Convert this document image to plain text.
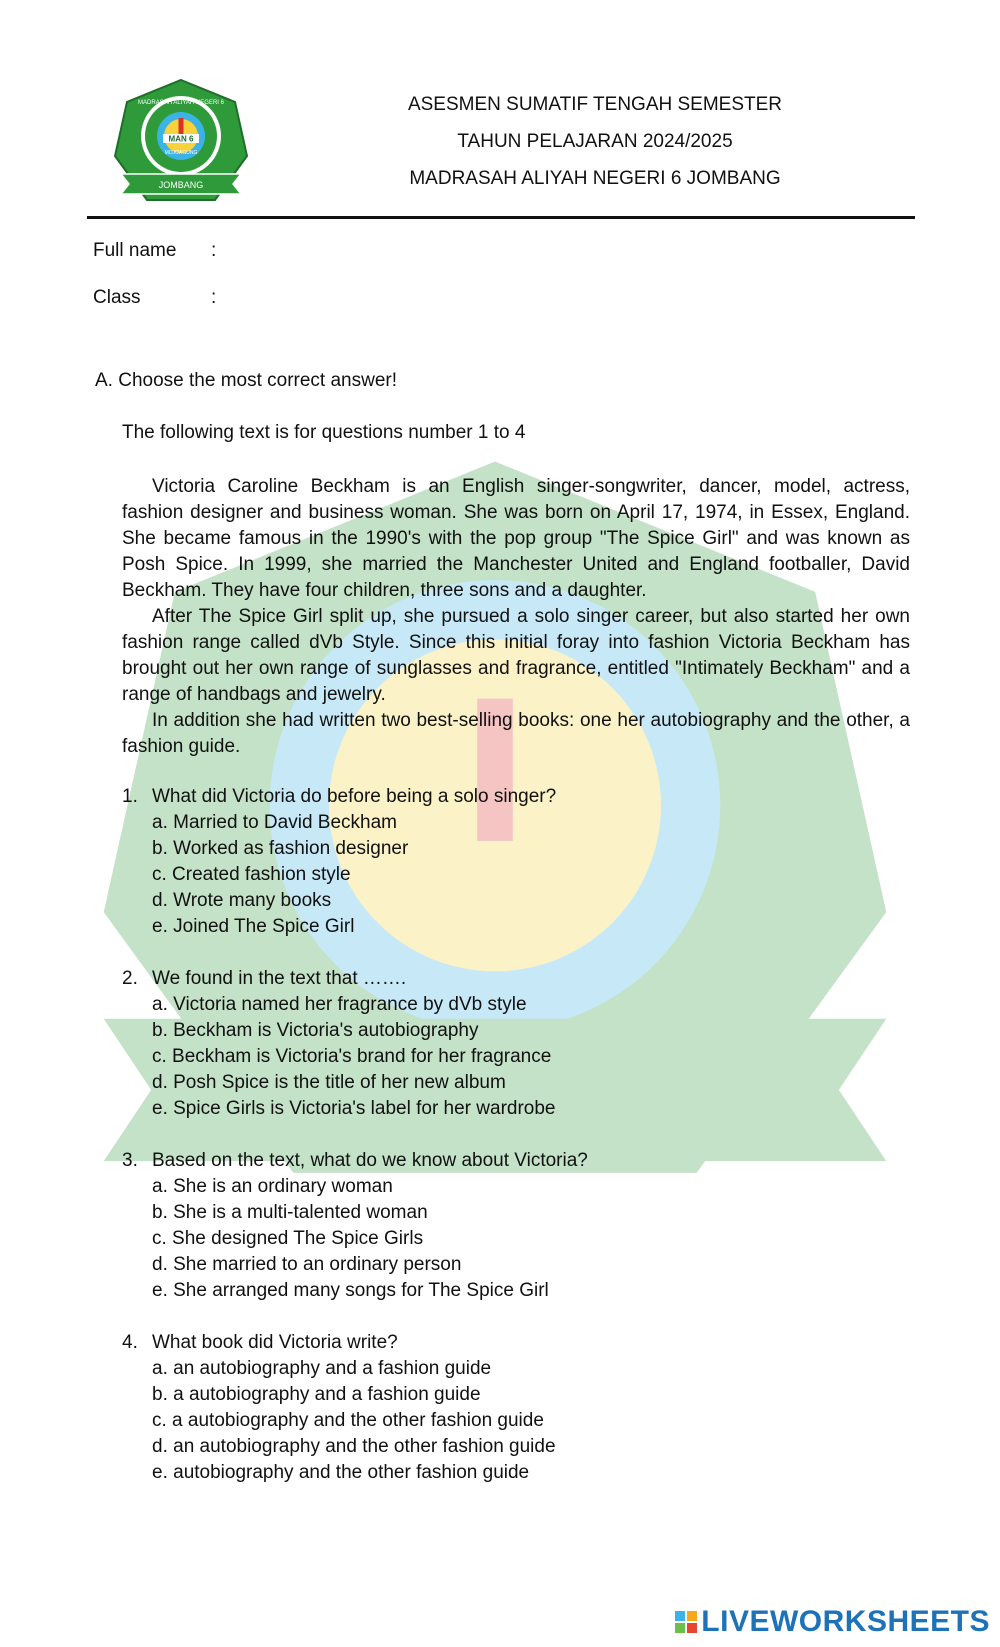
MAN 6
MOJOAGUNG
JOMBANG
MADRASAH ALIYAH NEGERI 6	ASESMEN SUMATIF TENGAH SEMESTER
TAHUN PELAJARAN 2024/2025
MADRASAH ALIYAH NEGERI 6 JOMBANG
Full name :
Class	:
A. Choose the most correct answer!
The following text is for questions number 1 to 4

Victoria Caroline Beckham is an English singer-songwriter, dancer, model, actress, fashion designer and business woman. She was born on April 17, 1974, in Essex, England. She became famous in the 1990's with the pop group "The Spice Girl" and was known as Posh Spice. In 1999, she married the Manchester United and England footballer, David Beckham. They have four children, three sons and a daughter.

After The Spice Girl split up, she pursued a solo singer career, but also started her own fashion range called dVb Style. Since this initial foray into fashion Victoria Beckham has brought out her own range of sunglasses and fragrance, entitled "Intimately Beckham" and a range of handbags and jewelry.

In addition she had written two best-selling books: one her autobiography and the other, a fashion guide.

1. What did Victoria do before being a solo singer?
a. Married to David Beckham
b. Worked as fashion designer
c. Created fashion style
d. Wrote many books
e. Joined The Spice Girl
2. We found in the text that …….
a. Victoria named her fragrance by dVb style
b. Beckham is Victoria's autobiography
c. Beckham is Victoria's brand for her fragrance
d. Posh Spice is the title of her new album
e. Spice Girls is Victoria's label for her wardrobe
3. Based on the text, what do we know about Victoria?
a. She is an ordinary woman
b. She is a multi-talented woman
c. She designed The Spice Girls
d. She married to an ordinary person
e. She arranged many songs for The Spice Girl
4. What book did Victoria write?
a. an autobiography and a fashion guide
b. a autobiography and a fashion guide
c. a autobiography and the other fashion guide
d. an autobiography and the other fashion guide
e. autobiography and the other fashion guide
LIVEWORKSHEETS
